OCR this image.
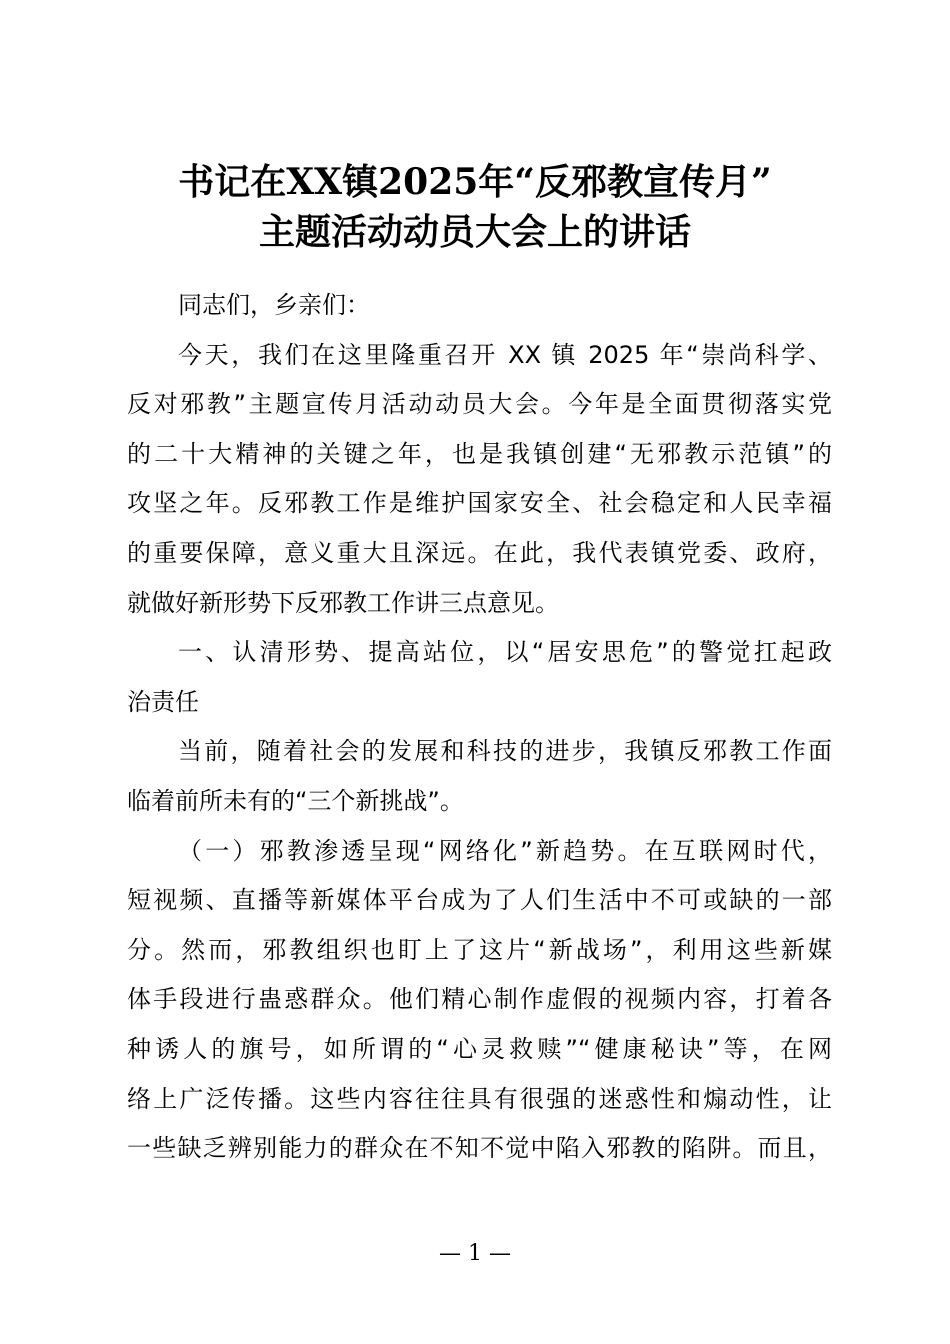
书记在XX镇2025年“反邪教宣传月”
主题活动动员大会上的讲话
同志们，乡亲们：
今天，我们在这里隆重召开 XX 镇 2025 年“崇尚科学、
反对邪教”主题宣传月活动动员大会。今年是全面贯彻落实党
的二十大精神的关键之年，也是我镇创建“无邪教示范镇”的
攻坚之年。反邪教工作是维护国家安全、社会稳定和人民幸福
的重要保障，意义重大且深远。在此，我代表镇党委、政府，
就做好新形势下反邪教工作讲三点意见。
一、认清形势、提高站位，以“居安思危”的警觉扛起政
治责任
当前，随着社会的发展和科技的进步，我镇反邪教工作面
临着前所未有的“三个新挑战”。
（一）邪教渗透呈现“网络化”新趋势。在互联网时代，
短视频、直播等新媒体平台成为了人们生活中不可或缺的一部
分。然而，邪教组织也盯上了这片“新战场”，利用这些新媒
体手段进行蛊惑群众。他们精心制作虚假的视频内容，打着各
种诱人的旗号，如所谓的“心灵救赎”“健康秘诀”等，在网
络上广泛传播。这些内容往往具有很强的迷惑性和煽动性，让
一些缺乏辨别能力的群众在不知不觉中陷入邪教的陷阱。而且，
— 1 —
